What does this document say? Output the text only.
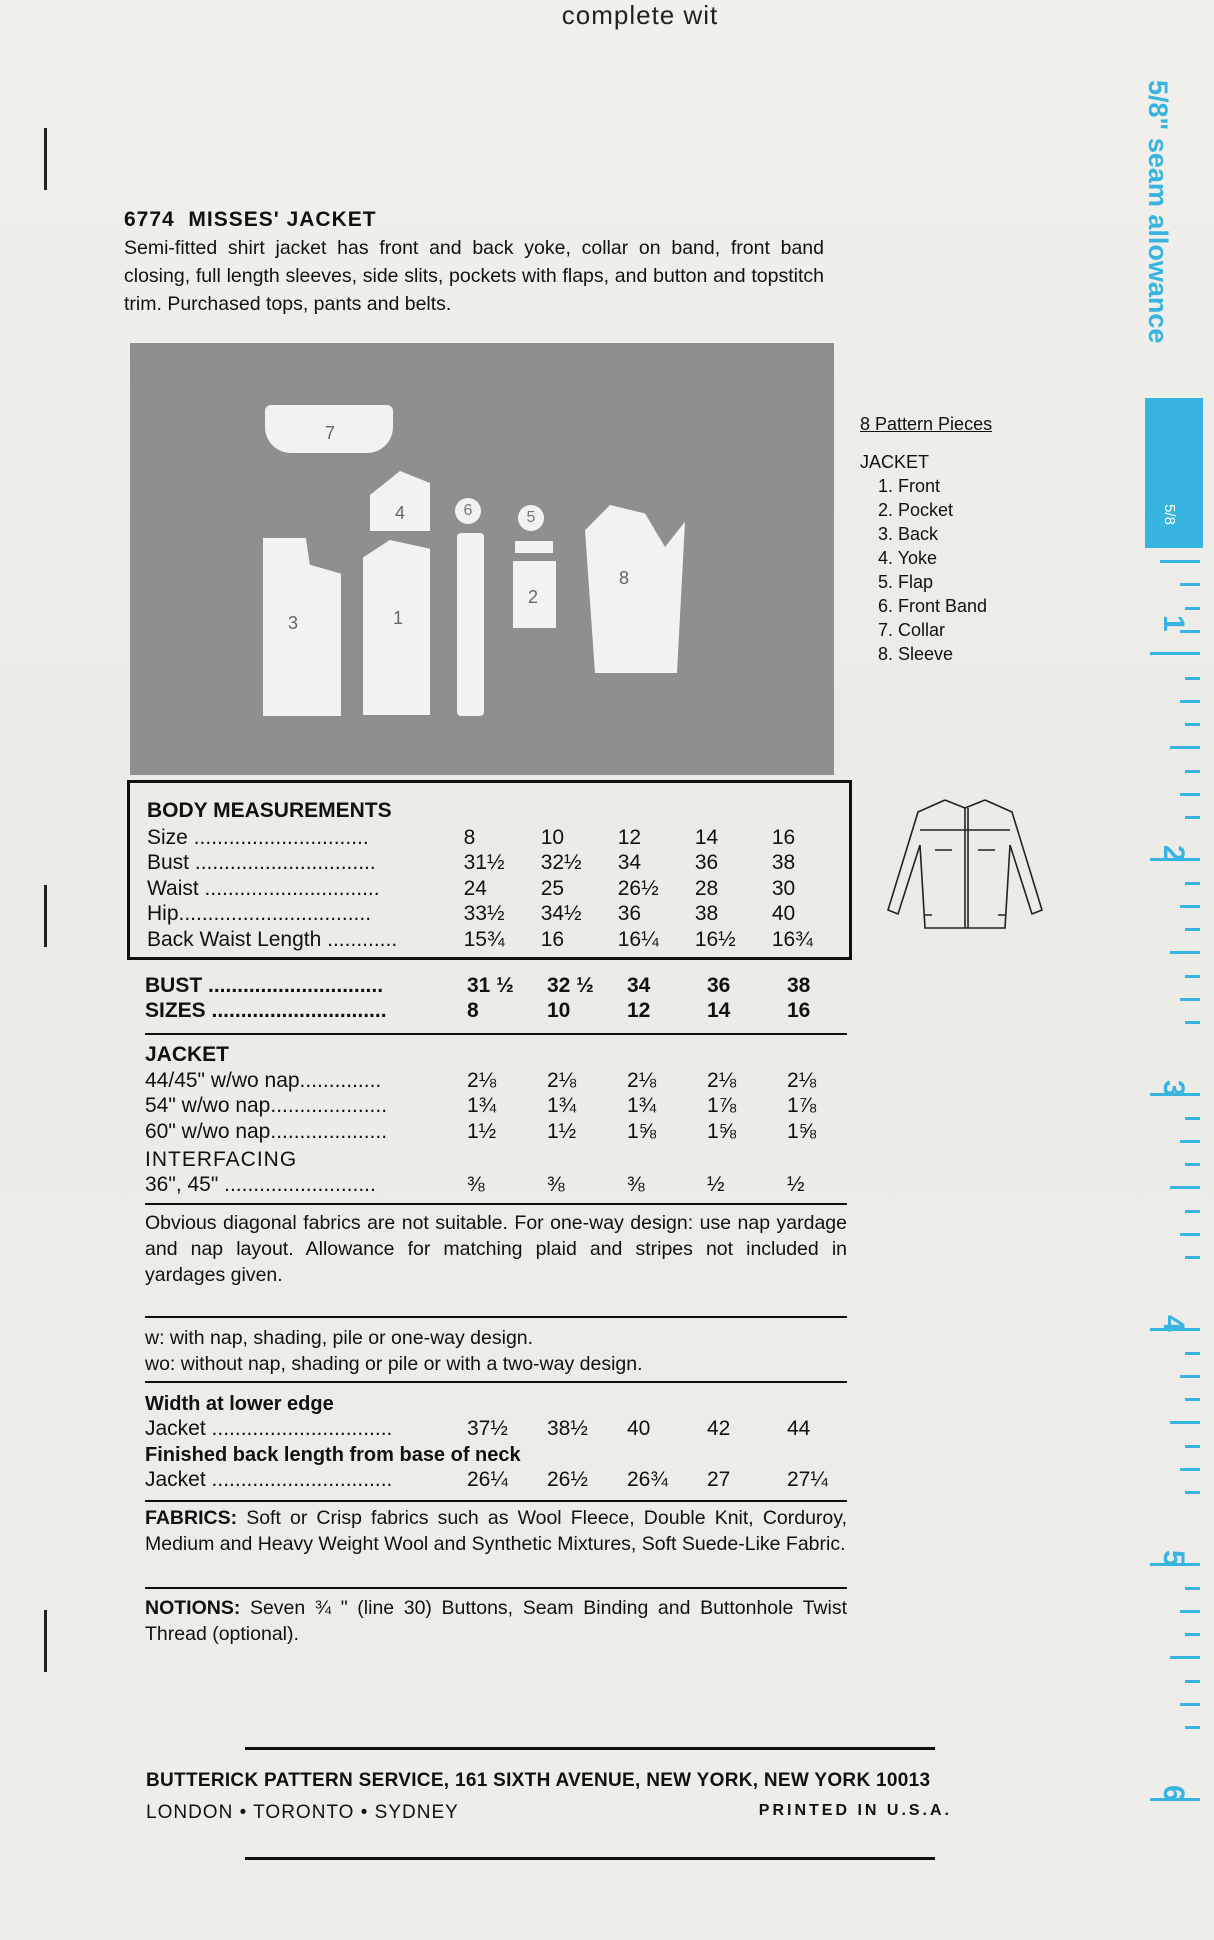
complete wit
6774 MISSES' JACKET
Semi-fitted shirt jacket has front and back yoke, collar on band, front band closing, full length sleeves, side slits, pockets with flaps, and button and topstitch trim. Purchased tops, pants and belts.
7
4
3	1
6	5
2
8
8 Pattern Pieces
JACKET
1. Front
2. Pocket
3. Back
4. Yoke
5. Flap
6. Front Band
7. Collar
8. Sleeve
BODY MEASUREMENTS
Size ..............................	8	10	12	14	16
Bust ...............................	31½	32½	34	36	38
Waist ..............................	24	25	26½	28	30
Hip.................................	33½	34½	36	38	40
Back Waist Length ............	15¾	16	16¼	16½	16¾
BUST ..............................	31 ½	32 ½	34	36	38
SIZES ..............................	8	10	12	14	16
JACKET
44/45" w/wo nap..............	2⅛	2⅛	2⅛	2⅛	2⅛
54" w/wo nap....................	1¾	1¾	1¾	1⅞	1⅞
60" w/wo nap....................	1½	1½	1⅝	1⅝	1⅝
INTERFACING
36", 45" ..........................	⅜	⅜	⅜	½	½
Obvious diagonal fabrics are not suitable. For one-way design: use nap yardage and nap layout. Allowance for matching plaid and stripes not included in yardages given.
w: with nap, shading, pile or one-way design.
wo: without nap, shading or pile or with a two-way design.
Width at lower edge
Jacket ...............................	37½	38½	40	42	44
Finished back length from base of neck
Jacket ...............................	26¼	26½	26¾	27	27¼
FABRICS: Soft or Crisp fabrics such as Wool Fleece, Double Knit, Corduroy, Medium and Heavy Weight Wool and Synthetic Mixtures, Soft Suede-Like Fabric.
NOTIONS: Seven ¾ " (line 30) Buttons, Seam Binding and Buttonhole Twist Thread (optional).
BUTTERICK PATTERN SERVICE, 161 SIXTH AVENUE, NEW YORK, NEW YORK 10013
LONDON • TORONTO • SYDNEY	PRINTED IN U.S.A.
5/8" seam allowance
5/8
1
2
3
4
5
6
